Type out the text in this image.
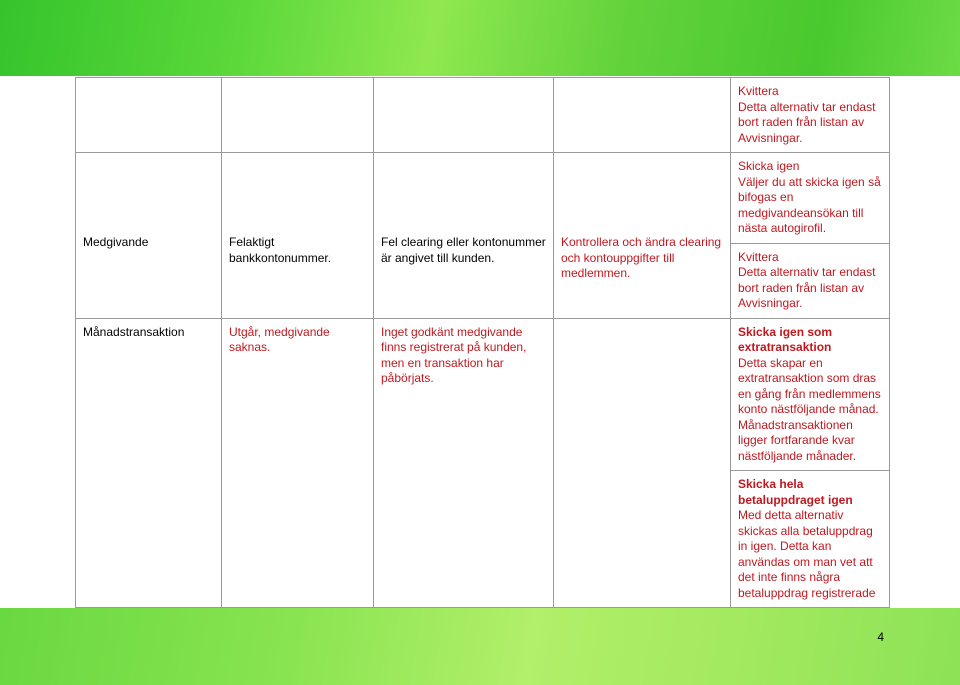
				Kvittera
Detta alternativ tar endast bort raden från listan av Avvisningar.

Medgivande	Felaktigt bankkontonummer.	Fel clearing eller kontonummer är angivet till kunden.	Kontrollera och ändra clearing och kontouppgifter till medlemmen.	Skicka igen
Väljer du att skicka igen så bifogas en medgivandeansökan till nästa autogirofil.
Kvittera
Detta alternativ tar endast bort raden från listan av Avvisningar.

Månadstransaktion	Utgår, medgivande saknas.	Inget godkänt medgivande finns registrerat på kunden, men en transaktion har påbörjats.		Skicka igen som extratransaktion
Detta skapar en extratransaktion som dras en gång från medlemmens konto nästföljande månad. Månadstransaktionen ligger fortfarande kvar nästföljande månader.
Skicka hela betaluppdraget igen
Med detta alternativ skickas alla betaluppdrag in igen. Detta kan användas om man vet att det inte finns några betaluppdrag registrerade
4
